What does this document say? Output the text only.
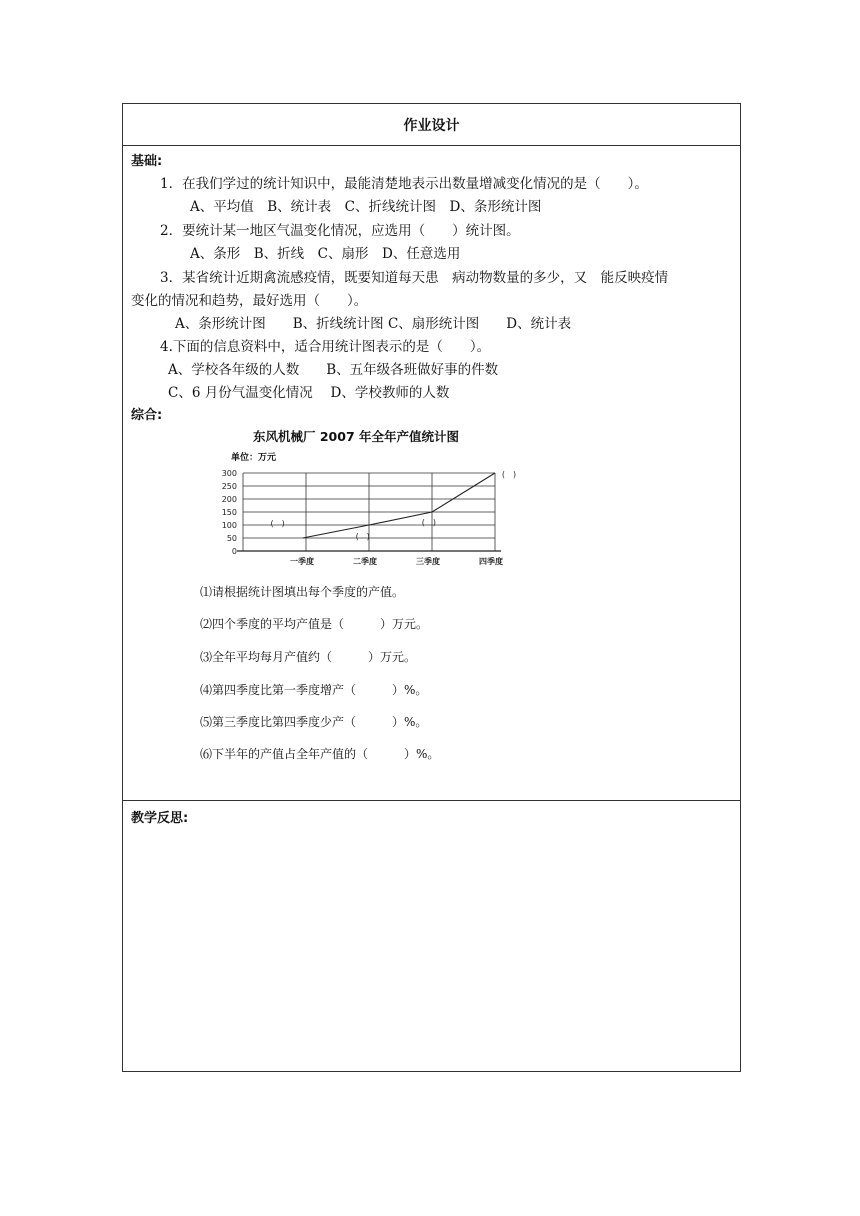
作业设计
基础:
1．在我们学过的统计知识中，最能清楚地表示出数量增减变化情况的是（　　）。
A、平均值　B、统计表　C、折线统计图　D、条形统计图
2．要统计某一地区气温变化情况，应选用（　　）统计图。
A、条形　B、折线　C、扇形　D、任意选用
3．某省统计近期禽流感疫情，既要知道每天患　病动物数量的多少，又　能反映疫情
变化的情况和趋势，最好选用（　　）。
A、条形统计图　　B、折线统计图 C、扇形统计图　　D、统计表
4.下面的信息资料中，适合用统计图表示的是（　　）。
A、学校各年级的人数　　B、五年级各班做好事的件数
C、6 月份气温变化情况　 D、学校教师的人数
综合:
东风机械厂 2007 年全年产值统计图
单位：万元
0
50
100
150
200
250
300
一季度	二季度	三季度	四季度
(　)
(　)
(　)
(　)
⑴请根据统计图填出每个季度的产值。
⑵四个季度的平均产值是（　　　）万元。
⑶全年平均每月产值约（　　　）万元。
⑷第四季度比第一季度增产（　　　）%。
⑸第三季度比第四季度少产（　　　）%。
⑹下半年的产值占全年产值的（　　　）%。
教学反思:
